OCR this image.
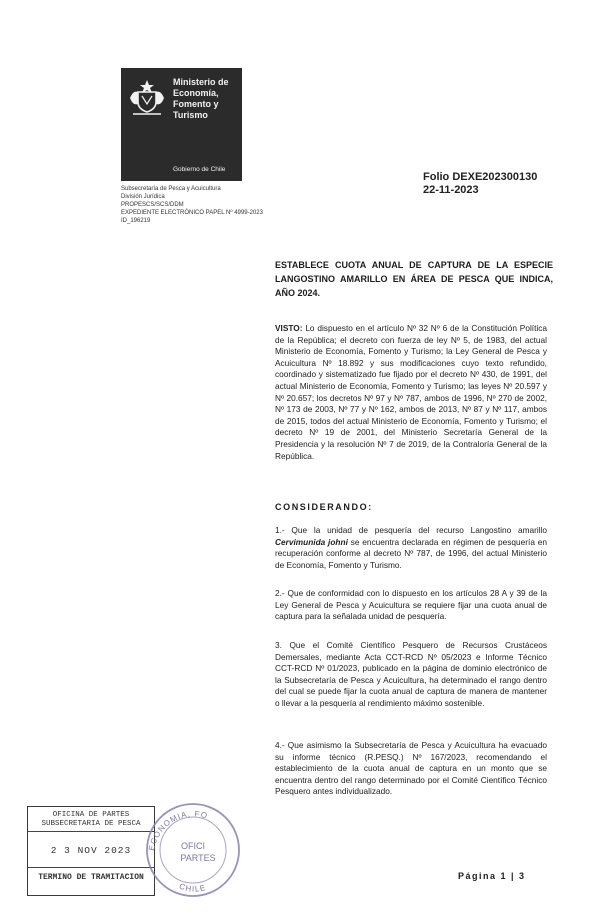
Ministerio de
Economía,
Fomento y
Turismo
Gobierno de Chile
Subsecretaría de Pesca y Acuicultura
División Jurídica
PROPESCS/SCS/DDM
EXPEDIENTE ELECTRÓNICO PAPEL Nº 4999-2023
ID_196219
Folio DEXE202300130
22-11-2023
ESTABLECE CUOTA ANUAL DE CAPTURA DE LA ESPECIE LANGOSTINO AMARILLO EN ÁREA DE PESCA QUE INDICA, AÑO 2024.
VISTO: Lo dispuesto en el artículo Nº 32 Nº 6 de la Constitución Política de la República; el decreto con fuerza de ley Nº 5, de 1983, del actual Ministerio de Economía, Fomento y Turismo; la Ley General de Pesca y Acuicultura Nº 18.892 y sus modificaciones cuyo texto refundido, coordinado y sistematizado fue fijado por el decreto Nº 430, de 1991, del actual Ministerio de Economía, Fomento y Turismo; las leyes Nº 20.597 y Nº 20.657; los decretos Nº 97 y Nº 787, ambos de 1996, Nº 270 de 2002, Nº 173 de 2003, Nº 77 y Nº 162, ambos de 2013, Nº 87 y Nº 117, ambos de 2015, todos del actual Ministerio de Economía, Fomento y Turismo; el decreto Nº 19 de 2001, del Ministerio Secretaría General de la Presidencia y la resolución Nº 7 de 2019, de la Contraloría General de la República.
CONSIDERANDO:
1.- Que la unidad de pesquería del recurso Langostino amarillo Cervimunida johni se encuentra declarada en régimen de pesquería en recuperación conforme al decreto Nº 787, de 1996, del actual Ministerio de Economía, Fomento y Turismo.
2.- Que de conformidad con lo dispuesto en los artículos 28 A y 39 de la Ley General de Pesca y Acuicultura se requiere fijar una cuota anual de captura para la señalada unidad de pesquería.
3. Que el Comité Científico Pesquero de Recursos Crustáceos Demersales, mediante Acta CCT-RCD Nº 05/2023 e Informe Técnico CCT-RCD Nº 01/2023, publicado en la página de dominio electrónico de la Subsecretaría de Pesca y Acuicultura, ha determinado el rango dentro del cual se puede fijar la cuota anual de captura de manera de mantener o llevar a la pesquería al rendimiento máximo sostenible.
4.- Que asimismo la Subsecretaría de Pesca y Acuicultura ha evacuado su informe técnico (R.PESQ.) Nº 167/2023, recomendando el establecimiento de la cuota anual de captura en un monto que se encuentra dentro del rango determinado por el Comité Científico Técnico Pesquero antes individualizado.
OFICINA DE PARTES
SUBSECRETARIA DE PESCA
2 3 NOV 2023
TERMINO DE TRAMITACION
ECONOMIA, FO
CHILE
OFICI
PARTES
Página 1 | 3
